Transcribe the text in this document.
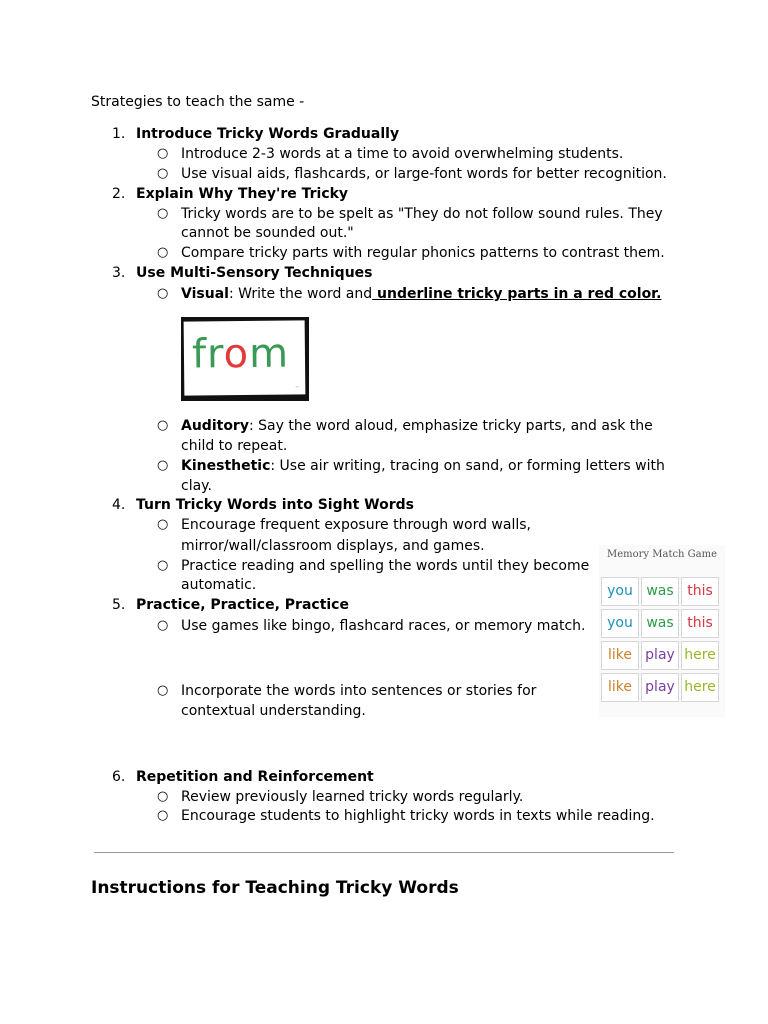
Strategies to teach the same -
1. Introduce Tricky Words Gradually
○ Introduce 2-3 words at a time to avoid overwhelming students.
○ Use visual aids, flashcards, or large-font words for better recognition.
2. Explain Why They're Tricky
○ Tricky words are to be spelt as "They do not follow sound rules. They
cannot be sounded out."
○ Compare tricky parts with regular phonics patterns to contrast them.
3. Use Multi-Sensory Techniques
○ Visual: Write the word and underline tricky parts in a red color.
from
~
○ Auditory: Say the word aloud, emphasize tricky parts, and ask the
child to repeat.
○ Kinesthetic: Use air writing, tracing on sand, or forming letters with
clay.
4. Turn Tricky Words into Sight Words
○ Encourage frequent exposure through word walls,
mirror/wall/classroom displays, and games.
○ Practice reading and spelling the words until they become
automatic.
5. Practice, Practice, Practice
○ Use games like bingo, flashcard races, or memory match.
○ Incorporate the words into sentences or stories for
contextual understanding.
Memory Match Game
you was this
you was this
like play here
like play here
6. Repetition and Reinforcement
○ Review previously learned tricky words regularly.
○ Encourage students to highlight tricky words in texts while reading.
Instructions for Teaching Tricky Words
